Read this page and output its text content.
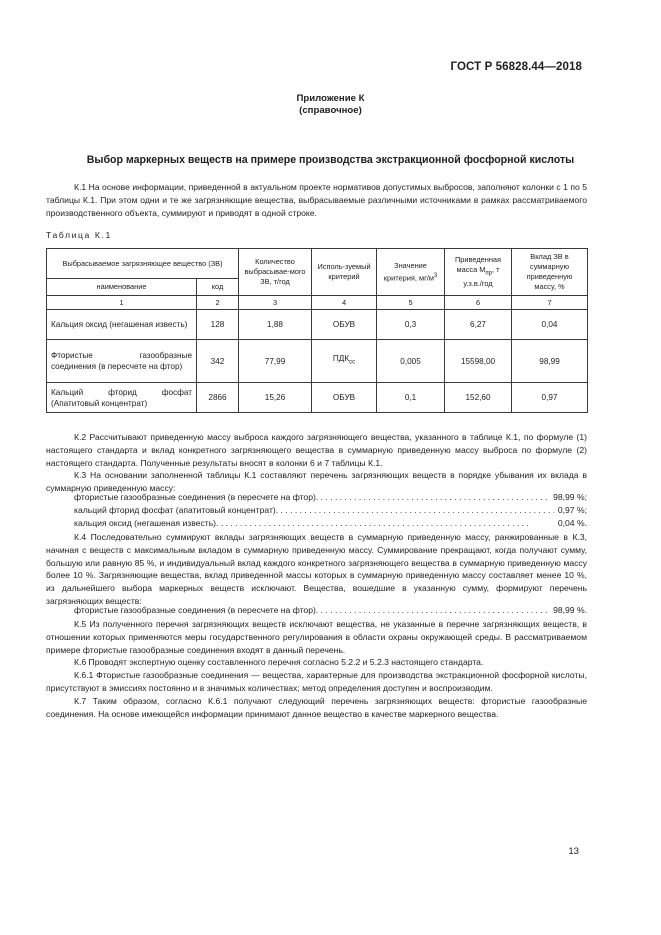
ГОСТ Р 56828.44—2018
Приложение К
(справочное)
Выбор маркерных веществ на примере производства экстракционной фосфорной кислоты

К.1 На основе информации, приведенной в актуальном проекте нормативов допустимых выбросов, заполняют колонки с 1 по 5 таблицы К.1. При этом одни и те же загрязняющие вещества, выбрасываемые различными источниками в рамках рассматриваемого производственного объекта, суммируют и приводят в одной строке.

Таблица К.1
Выбрасываемое загрязняющее вещество (ЗВ)		Количество выбрасывае-мого ЗВ, т/год	Исполь-зуемый критерий	Значение критерия, $мг/м^3$	Приведенная масса $M_{пр}$, т у.з.в./год	Вклад ЗВ в суммарную приведенную массу, %
наименование	код					
1	2	3	4	5	6	7
Кальция оксид (негашеная известь)	128	1,88	ОБУВ	0,3	6,27	0,04
Фтористые газообразные соединения (в пересчете на фтор)	342	77,99	$ПДК_{сс}$	0,005	15598,00	98,99
Кальций фторид фосфат (Апатитовый концентрат)	2866	15,26	ОБУВ	0,1	152,60	0,97

К.2 Рассчитывают приведенную массу выброса каждого загрязняющего вещества, указанного в таблице К.1, по формуле (1) настоящего стандарта и вклад конкретного загрязняющего вещества в суммарную приведенную массу выброса по формуле (2) настоящего стандарта. Полученные результаты вносят в колонки 6 и 7 таблицы К.1.

К.3 На основании заполненной таблицы К.1 составляют перечень загрязняющих веществ в порядке убывания их вклада в суммарную приведенную массу:

фтористые газообразные соединения (в пересчете на фтор) . . .	98,99 %;
кальций фторид фосфат (апатитовый концентрат) . . .	0,97 %;
кальция оксид (негашеная известь) . . .	0,04 %.

К.4 Последовательно суммируют вклады загрязняющих веществ в суммарную приведенную массу, ранжированные в К.3, начиная с веществ с максимальным вкладом в суммарную приведенную массу. Суммирование прекращают, когда получают сумму, большую или равную 85 %, и индивидуальный вклад каждого конкретного загрязняющего вещества в суммарную приведенную массу более 10 %. Загрязняющие вещества, вклад приведенной массы которых в суммарную приведенную массу составляет менее 10 %, из дальнейшего выбора маркерных веществ исключают. Вещества, вошедшие в указанную сумму, формируют перечень загрязняющих веществ:

фтористые газообразные соединения (в пересчете на фтор) . . .	98,99 %.

К.5 Из полученного перечня загрязняющих веществ исключают вещества, не указанные в перечне загрязняющих веществ, в отношении которых применяются меры государственного регулирования в области охраны окружающей среды. В рассматриваемом примере фтористые газообразные соединения входят в данный перечень.

К.6 Проводят экспертную оценку составленного перечня согласно 5.2.2 и 5.2.3 настоящего стандарта.

К.6.1 Фтористые газообразные соединения — вещества, характерные для производства экстракционной фосфорной кислоты, присутствуют в эмиссиях постоянно и в значимых количествах; метод определения доступен и воспроизводим.

К.7 Таким образом, согласно К.6.1 получают следующий перечень загрязняющих веществ: фтористые газообразные соединения. На основе имеющейся информации принимают данное вещество в качестве маркерного вещества.

13
